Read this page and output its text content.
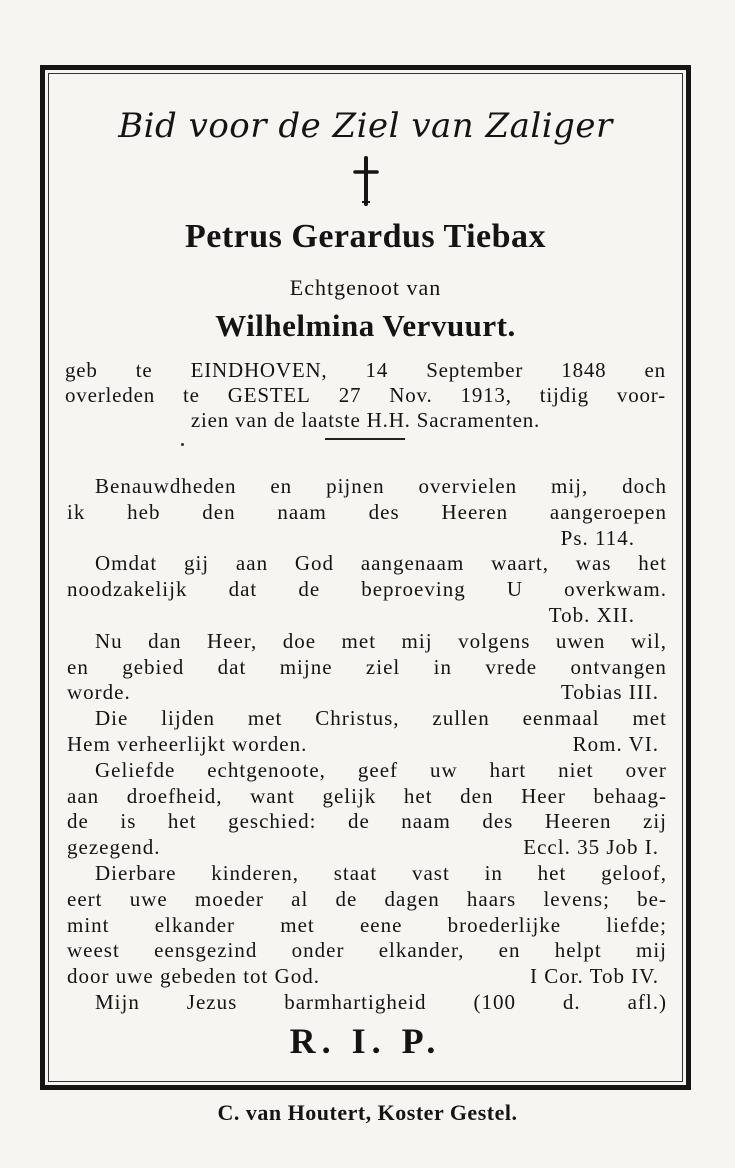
Bid voor de Ziel van Zaliger
Petrus Gerardus Tiebax
Echtgenoot van
Wilhelmina Vervuurt.
geb te EINDHOVEN, 14 September 1848 en
overleden te GESTEL 27 Nov. 1913, tijdig voor-
zien van de laatste H.H. Sacramenten.
Benauwdheden en pijnen overvielen mij, doch
ik heb den naam des Heeren aangeroepen
Ps. 114.
Omdat gij aan God aangenaam waart, was het
noodzakelijk dat de beproeving U overkwam.
Tob. XII.
Nu dan Heer, doe met mij volgens uwen wil,
en gebied dat mijne ziel in vrede ontvangen
worde.	Tobias III.
Die lijden met Christus, zullen eenmaal met
Hem verheerlijkt worden.	Rom. VI.
Geliefde echtgenoote, geef uw hart niet over
aan droefheid, want gelijk het den Heer behaag-
de is het geschied: de naam des Heeren zij
gezegend.	Eccl. 35 Job I.
Dierbare kinderen, staat vast in het geloof,
eert uwe moeder al de dagen haars levens; be-
mint elkander met eene broederlijke liefde;
weest eensgezind onder elkander, en helpt mij
door uwe gebeden tot God.	I Cor. Tob IV.
Mijn Jezus barmhartigheid (100 d. afl.)
R. I. P.
C. van Houtert, Koster Gestel.
